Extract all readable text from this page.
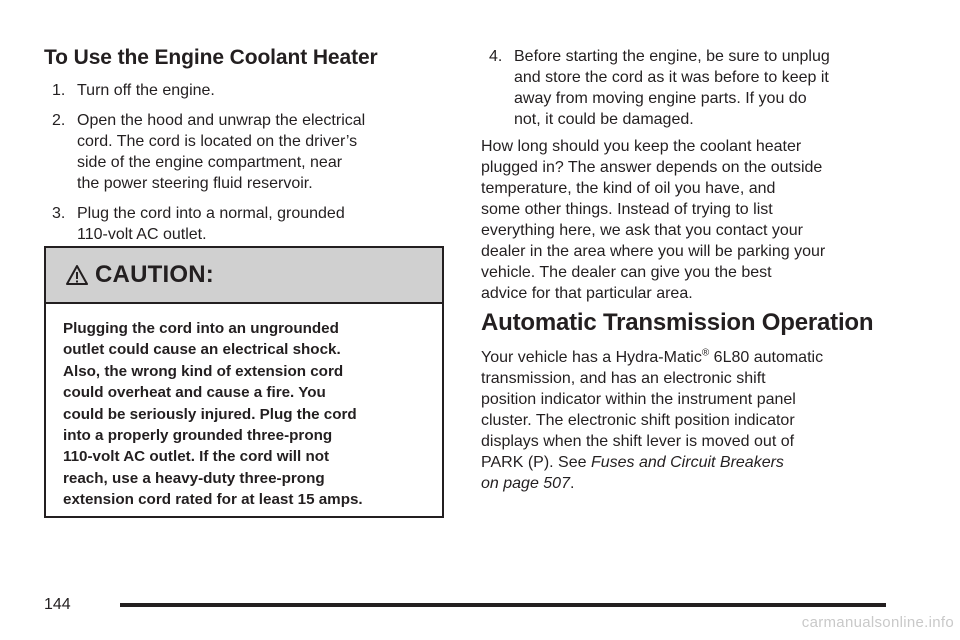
To Use the Engine Coolant Heater
1. Turn off the engine.
2. Open the hood and unwrap the electrical
cord. The cord is located on the driver’s
side of the engine compartment, near
the power steering fluid reservoir.
3. Plug the cord into a normal, grounded
110-volt AC outlet.
CAUTION:
Plugging the cord into an ungrounded
outlet could cause an electrical shock.
Also, the wrong kind of extension cord
could overheat and cause a fire. You
could be seriously injured. Plug the cord
into a properly grounded three-prong
110-volt AC outlet. If the cord will not
reach, use a heavy-duty three-prong
extension cord rated for at least 15 amps.
4. Before starting the engine, be sure to unplug
and store the cord as it was before to keep it
away from moving engine parts. If you do
not, it could be damaged.

How long should you keep the coolant heater
plugged in? The answer depends on the outside
temperature, the kind of oil you have, and
some other things. Instead of trying to list
everything here, we ask that you contact your
dealer in the area where you will be parking your
vehicle. The dealer can give you the best
advice for that particular area.

Automatic Transmission Operation

Your vehicle has a Hydra-Matic® 6L80 automatic
transmission, and has an electronic shift
position indicator within the instrument panel
cluster. The electronic shift position indicator
displays when the shift lever is moved out of
PARK (P). See Fuses and Circuit Breakers
on page 507.

144
carmanualsonline.info
